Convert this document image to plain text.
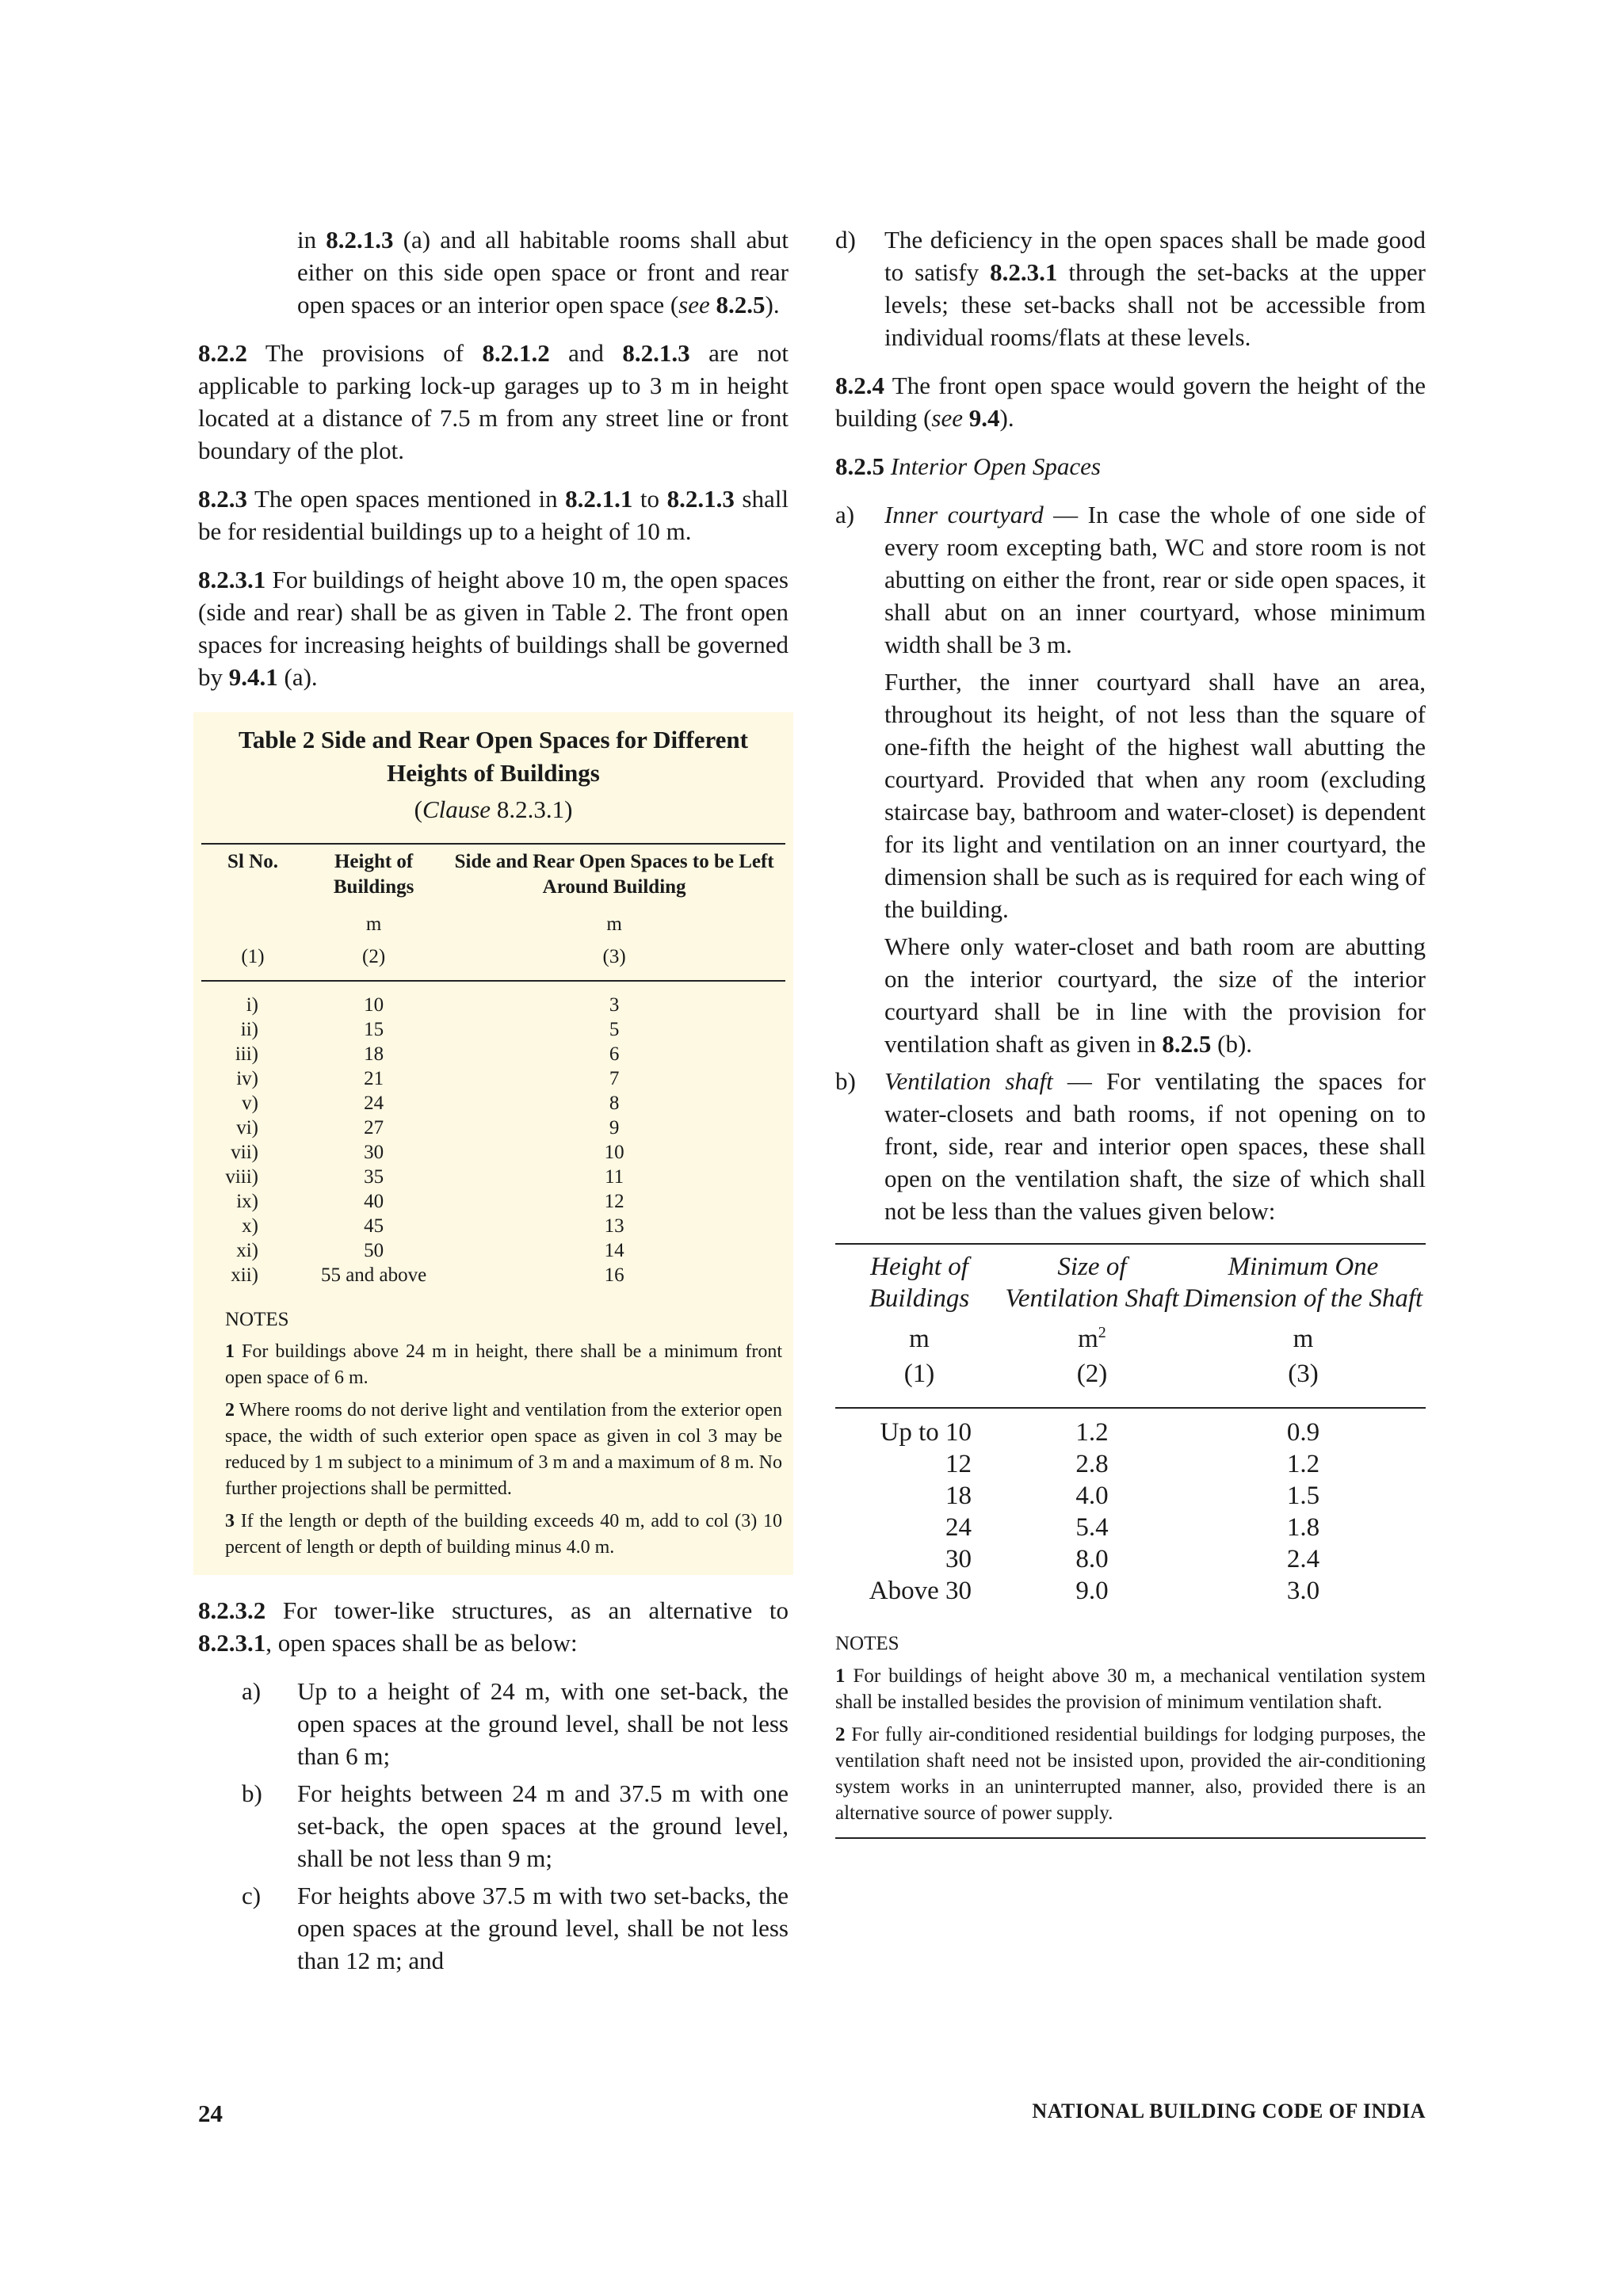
in 8.2.1.3 (a) and all habitable rooms shall abut either on this side open space or front and rear open spaces or an interior open space (see 8.2.5).

8.2.2 The provisions of 8.2.1.2 and 8.2.1.3 are not applicable to parking lock-up garages up to 3 m in height located at a distance of 7.5 m from any street line or front boundary of the plot.

8.2.3 The open spaces mentioned in 8.2.1.1 to 8.2.1.3 shall be for residential buildings up to a height of 10 m.

8.2.3.1 For buildings of height above 10 m, the open spaces (side and rear) shall be as given in Table 2. The front open spaces for increasing heights of buildings shall be governed by 9.4.1 (a).

Table 2 Side and Rear Open Spaces for Different Heights of Buildings
(Clause 8.2.3.1)
Sl No.	Height of Buildings	Side and Rear Open Spaces to be Left Around Building
	m	m
(1)	(2)	(3)
i)	10	3
ii)	15	5
iii)	18	6
iv)	21	7
v)	24	8
vi)	27	9
vii)	30	10
viii)	35	11
ix)	40	12
x)	45	13
xi)	50	14
xii)	55 and above	16

NOTES

1 For buildings above 24 m in height, there shall be a minimum front open space of 6 m.

2 Where rooms do not derive light and ventilation from the exterior open space, the width of such exterior open space as given in col 3 may be reduced by 1 m subject to a minimum of 3 m and a maximum of 8 m. No further projections shall be permitted.

3 If the length or depth of the building exceeds 40 m, add to col (3) 10 percent of length or depth of building minus 4.0 m.

8.2.3.2 For tower-like structures, as an alternative to 8.2.3.1, open spaces shall be as below:

a)	Up to a height of 24 m, with one set-back, the open spaces at the ground level, shall be not less than 6 m;
b)	For heights between 24 m and 37.5 m with one set-back, the open spaces at the ground level, shall be not less than 9 m;
c)	For heights above 37.5 m with two set-backs, the open spaces at the ground level, shall be not less than 12 m; and
d)	The deficiency in the open spaces shall be made good to satisfy 8.2.3.1 through the set-backs at the upper levels; these set-backs shall not be accessible from individual rooms/flats at these levels.

8.2.4 The front open space would govern the height of the building (see 9.4).

8.2.5 Interior Open Spaces

a)	Inner courtyard — In case the whole of one side of every room excepting bath, WC and store room is not abutting on either the front, rear or side open spaces, it shall abut on an inner courtyard, whose minimum width shall be 3 m.

Further, the inner courtyard shall have an area, throughout its height, of not less than the square of one-fifth the height of the highest wall abutting the courtyard. Provided that when any room (excluding staircase bay, bathroom and water-closet) is dependent for its light and ventilation on an inner courtyard, the dimension shall be such as is required for each wing of the building.

Where only water-closet and bath room are abutting on the interior courtyard, the size of the interior courtyard shall be in line with the provision for ventilation shaft as given in 8.2.5 (b).

b)	Ventilation shaft — For ventilating the spaces for water-closets and bath rooms, if not opening on to front, side, rear and interior open spaces, these shall open on the ventilation shaft, the size of which shall not be less than the values given below:
Height of Buildings	Size of Ventilation Shaft	Minimum One Dimension of the Shaft
m	$m^2$	m
(1)	(2)	(3)
Up to 10	1.2	0.9
12	2.8	1.2
18	4.0	1.5
24	5.4	1.8
30	8.0	2.4
Above 30	9.0	3.0

NOTES

1 For buildings of height above 30 m, a mechanical ventilation system shall be installed besides the provision of minimum ventilation shaft.

2 For fully air-conditioned residential buildings for lodging purposes, the ventilation shaft need not be insisted upon, provided the air-conditioning system works in an uninterrupted manner, also, provided there is an alternative source of power supply.

24	NATIONAL BUILDING CODE OF INDIA
